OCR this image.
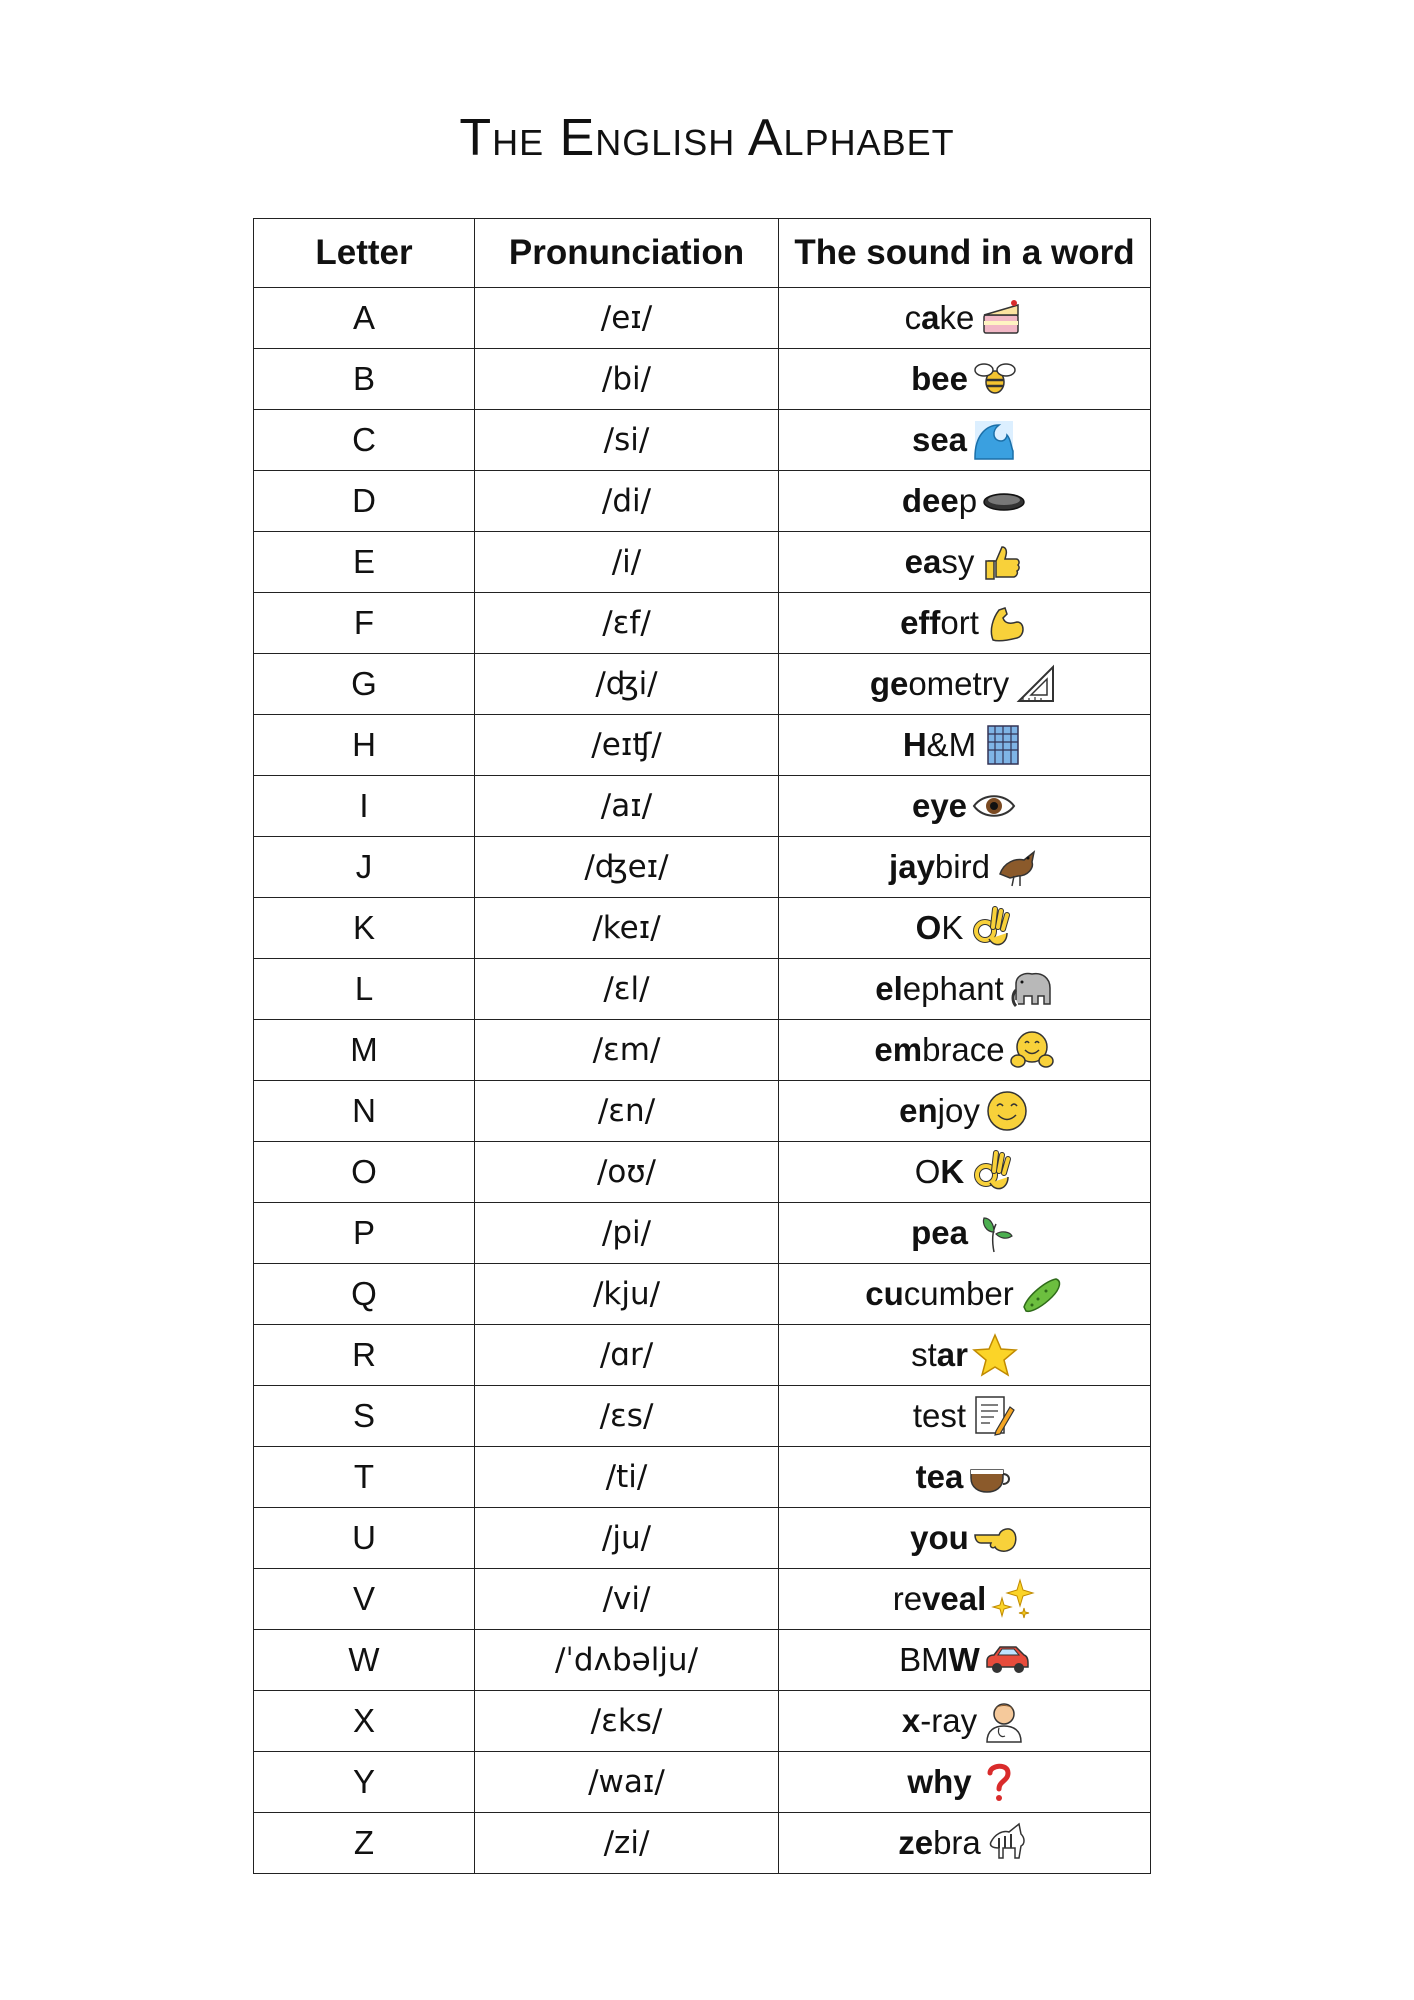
The English Alphabet
Letter	Pronunciation	The sound in a word
A	/eɪ/	cake

B	/bi/	bee

C	/si/	sea

D	/di/	deep

E	/i/	easy

F	/ɛf/	effort

G	/ʤi/	geometry

H	/eɪʧ/	H&M

I	/aɪ/	eye

J	/ʤeɪ/	jaybird

K	/keɪ/	OK

L	/ɛl/	elephant

M	/ɛm/	embrace

N	/ɛn/	enjoy

O	/oʊ/	OK

P	/pi/	pea

Q	/kju/	cucumber

R	/ɑr/	star

S	/ɛs/	test

T	/ti/	tea

U	/ju/	you

V	/vi/	reveal

W	/ˈdʌbəlju/	BMW

X	/ɛks/	x-ray

Y	/waɪ/	why

Z	/zi/	zebra
